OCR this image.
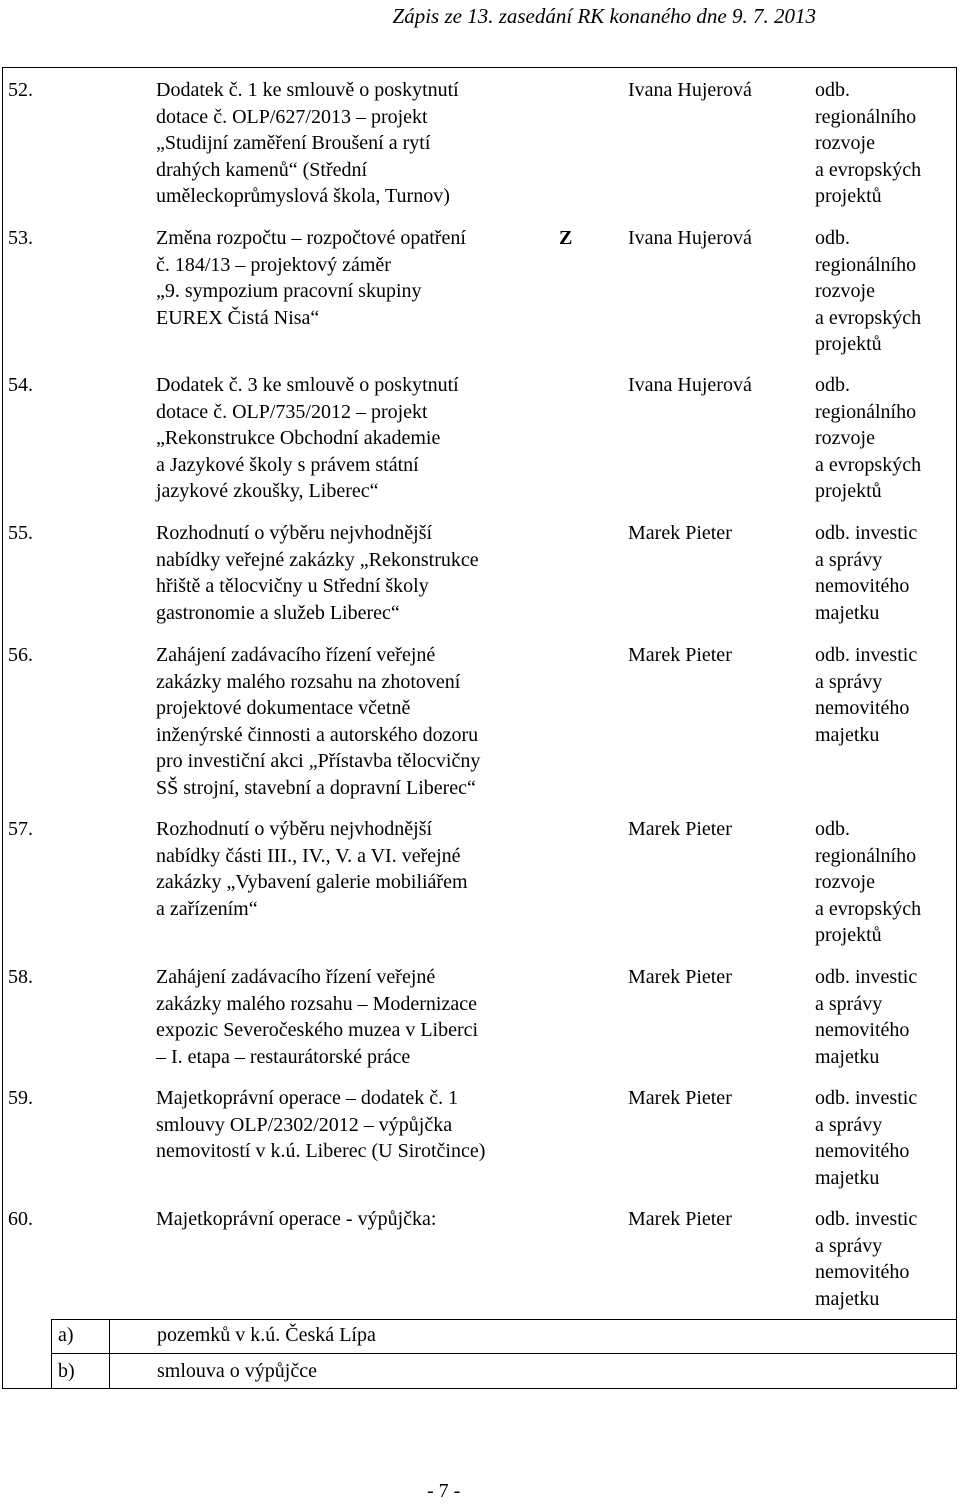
Zápis ze 13. zasedání RK konaného dne 9. 7. 2013
52.	Dodatek č. 1 ke smlouvě o poskytnutí
dotace č. OLP/627/2013 – projekt
„Studijní zaměření Broušení a rytí
drahých kamenů“ (Střední
uměleckoprůmyslová škola, Turnov)
Ivana Hujerová	odb.
regionálního
rozvoje
a evropských
projektů
53.	Změna rozpočtu – rozpočtové opatření
č. 184/13 – projektový záměr
„9. sympozium pracovní skupiny
EUREX Čistá Nisa“
Z	Ivana Hujerová	odb.
regionálního
rozvoje
a evropských
projektů
54.	Dodatek č. 3 ke smlouvě o poskytnutí
dotace č. OLP/735/2012 – projekt
„Rekonstrukce Obchodní akademie
a Jazykové školy s právem státní
jazykové zkoušky, Liberec“
Ivana Hujerová	odb.
regionálního
rozvoje
a evropských
projektů
55.	Rozhodnutí o výběru nejvhodnější
nabídky veřejné zakázky „Rekonstrukce
hřiště a tělocvičny u Střední školy
gastronomie a služeb Liberec“
Marek Pieter	odb. investic
a správy
nemovitého
majetku
56.	Zahájení zadávacího řízení veřejné
zakázky malého rozsahu na zhotovení
projektové dokumentace včetně
inženýrské činnosti a autorského dozoru
pro investiční akci „Přístavba tělocvičny
SŠ strojní, stavební a dopravní Liberec“
Marek Pieter	odb. investic
a správy
nemovitého
majetku
57.	Rozhodnutí o výběru nejvhodnější
nabídky části III., IV., V. a VI. veřejné
zakázky „Vybavení galerie mobiliářem
a zařízením“
Marek Pieter	odb.
regionálního
rozvoje
a evropských
projektů
58.	Zahájení zadávacího řízení veřejné
zakázky malého rozsahu – Modernizace
expozic Severočeského muzea v Liberci
– I. etapa – restaurátorské práce
Marek Pieter	odb. investic
a správy
nemovitého
majetku
59.	Majetkoprávní operace – dodatek č. 1
smlouvy OLP/2302/2012 – výpůjčka
nemovitostí v k.ú. Liberec (U Sirotčince)
Marek Pieter	odb. investic
a správy
nemovitého
majetku
60.	Majetkoprávní operace - výpůjčka:	Marek Pieter	odb. investic
a správy
nemovitého
majetku
a)	pozemků v k.ú. Česká Lípa
b)	smlouva o výpůjčce
- 7 -
